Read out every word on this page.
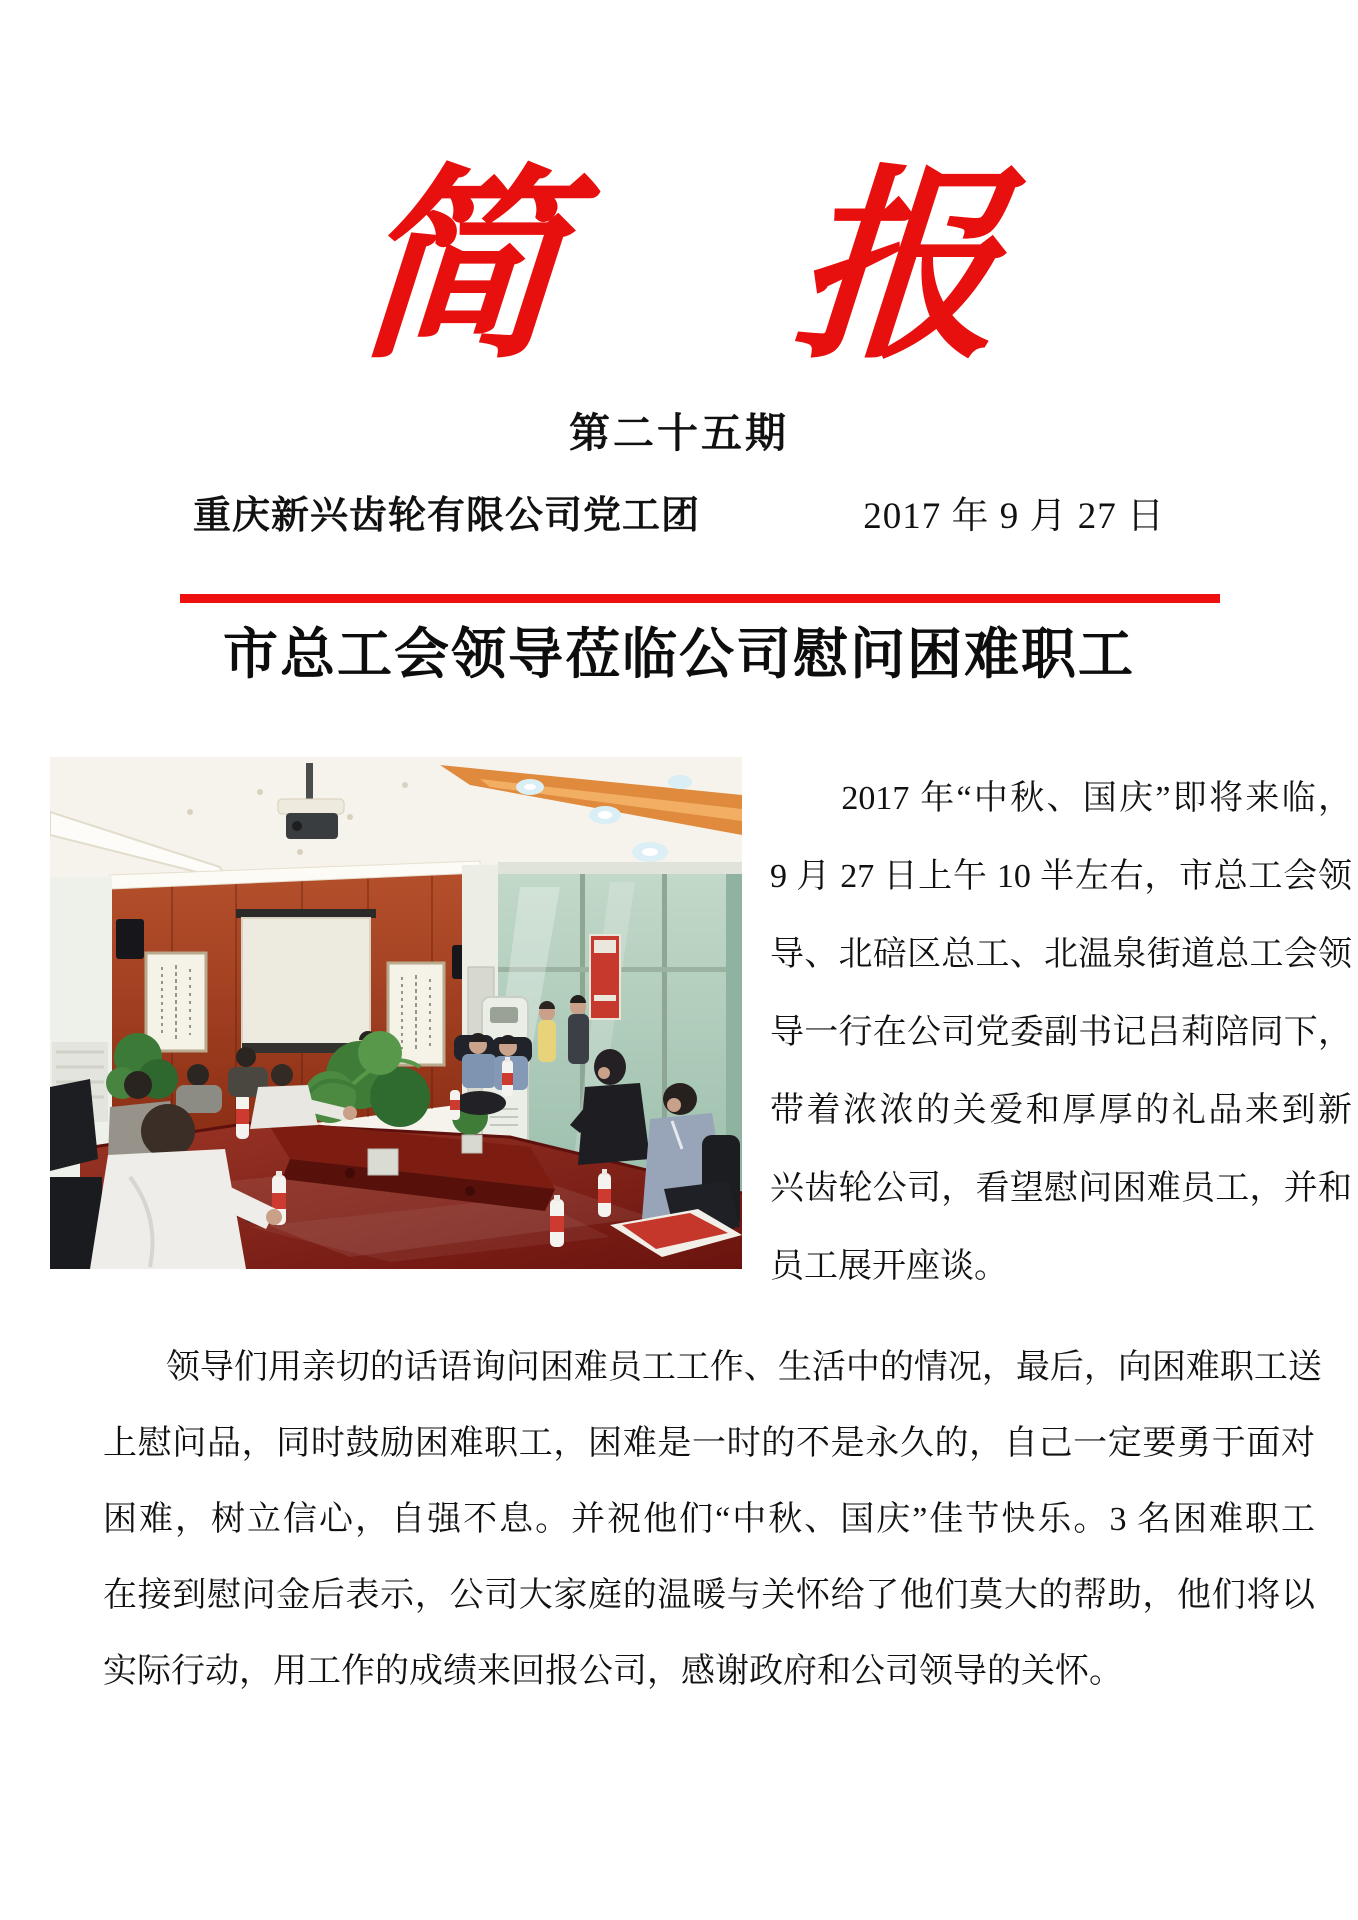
简 报
第二十五期
重庆新兴齿轮有限公司党工团	2017 年 9 月 27 日
市总工会领导莅临公司慰问困难职工
2017 年“中秋、国庆”即将来临，
9 月 27 日上午 10 半左右，市总工会领
导、北碚区总工、北温泉街道总工会领
导一行在公司党委副书记吕莉陪同下，
带着浓浓的关爱和厚厚的礼品来到新
兴齿轮公司，看望慰问困难员工，并和
员工展开座谈。
领导们用亲切的话语询问困难员工工作、生活中的情况，最后，向困难职工送
上慰问品，同时鼓励困难职工，困难是一时的不是永久的，自己一定要勇于面对
困难，树立信心，自强不息。并祝他们“中秋、国庆”佳节快乐。3 名困难职工
在接到慰问金后表示，公司大家庭的温暖与关怀给了他们莫大的帮助，他们将以
实际行动，用工作的成绩来回报公司，感谢政府和公司领导的关怀。
